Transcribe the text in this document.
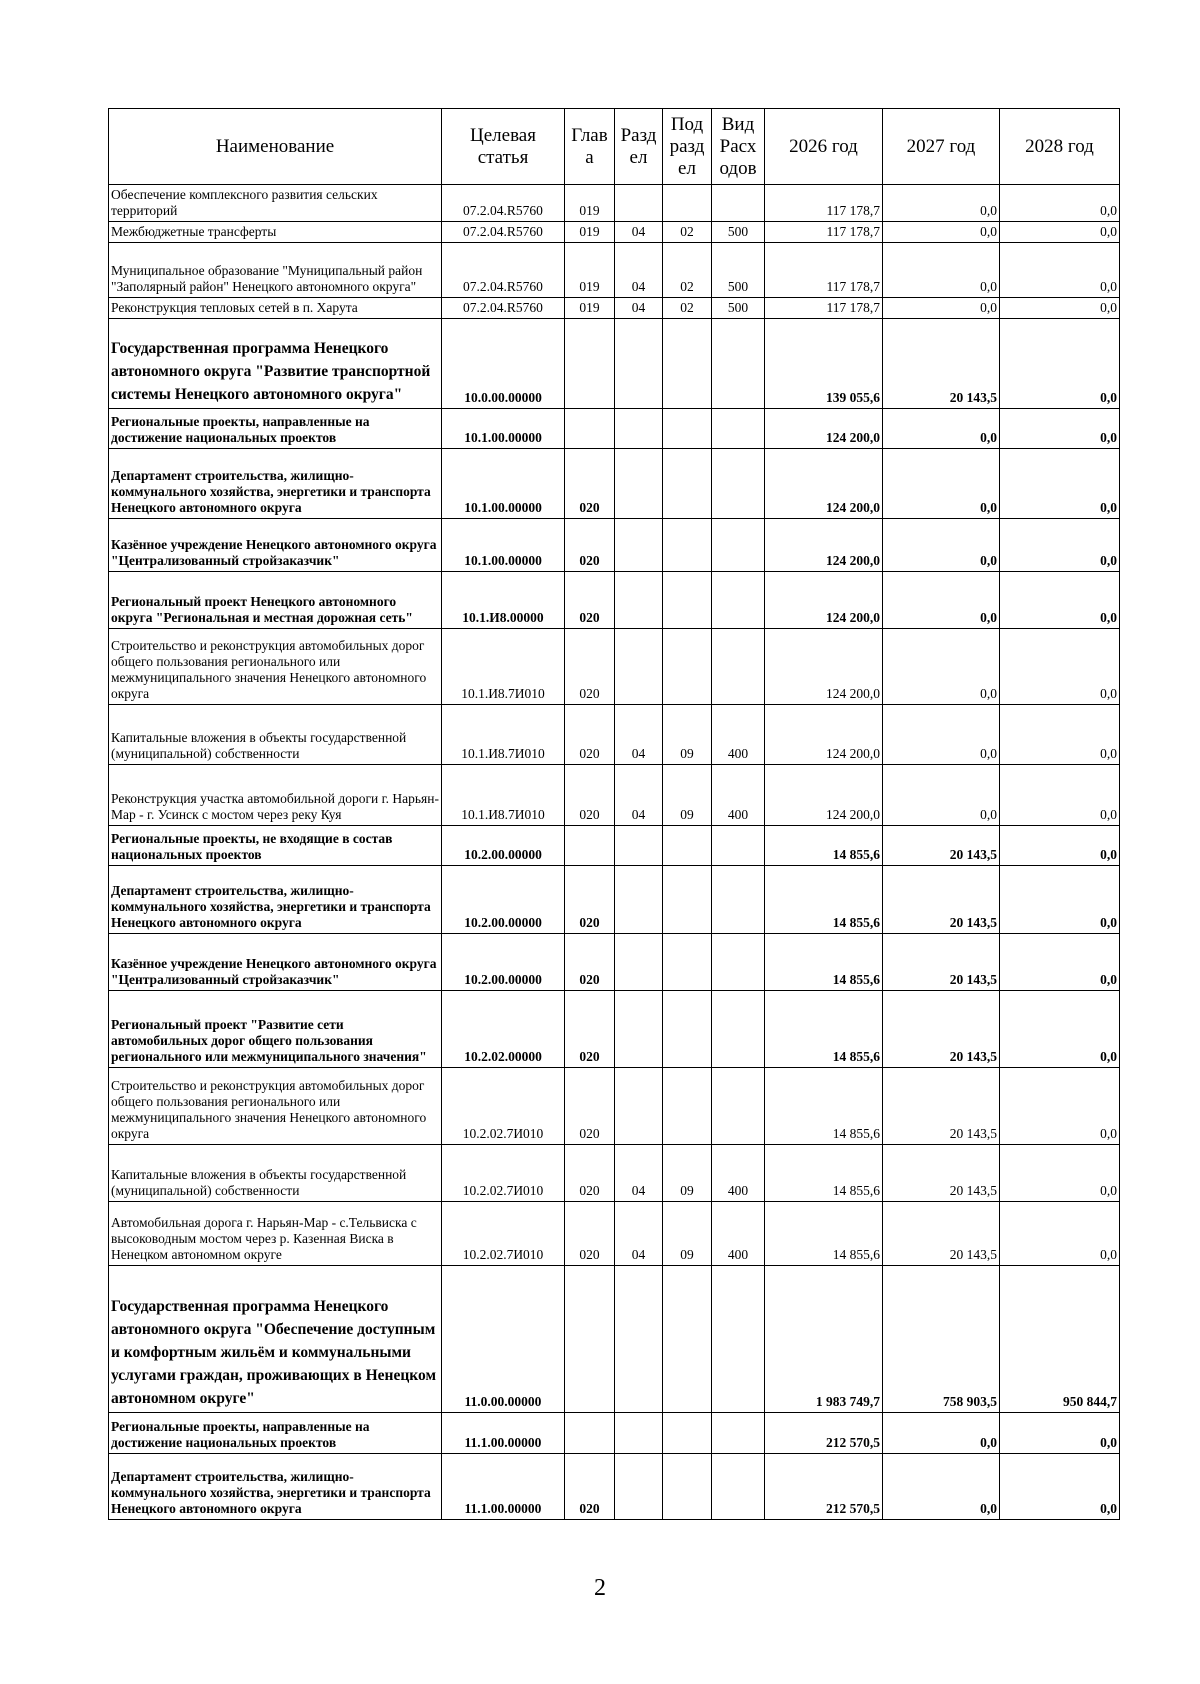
Наименование	Целевая статья	Глав а	Разд ел	Под разд ел	Вид Расх одов	2026 год	2027 год	2028 год
Обеспечение комплексного развития сельских территорий	07.2.04.R5760	019				117 178,7	0,0	0,0
Межбюджетные трансферты	07.2.04.R5760	019	04	02	500	117 178,7	0,0	0,0
Муниципальное образование "Муниципальный район "Заполярный район" Ненецкого автономного округа"	07.2.04.R5760	019	04	02	500	117 178,7	0,0	0,0
Реконструкция тепловых сетей в п. Харута	07.2.04.R5760	019	04	02	500	117 178,7	0,0	0,0
Государственная программа Ненецкого автономного округа "Развитие транспортной системы Ненецкого автономного округа"	10.0.00.00000					139 055,6	20 143,5	0,0
Региональные проекты, направленные на достижение национальных проектов	10.1.00.00000					124 200,0	0,0	0,0
Департамент строительства, жилищно-коммунального хозяйства, энергетики и транспорта Ненецкого автономного округа	10.1.00.00000	020				124 200,0	0,0	0,0
Казённое учреждение Ненецкого автономного округа "Централизованный стройзаказчик"	10.1.00.00000	020				124 200,0	0,0	0,0
Региональный проект Ненецкого автономного округа "Региональная и местная дорожная сеть"	10.1.И8.00000	020				124 200,0	0,0	0,0
Строительство и реконструкция автомобильных дорог общего пользования регионального или межмуниципального значения Ненецкого автономного округа	10.1.И8.7И010	020				124 200,0	0,0	0,0
Капитальные вложения в объекты государственной (муниципальной) собственности	10.1.И8.7И010	020	04	09	400	124 200,0	0,0	0,0
Реконструкция участка автомобильной дороги г. Нарьян-Мар - г. Усинск с мостом через реку Куя	10.1.И8.7И010	020	04	09	400	124 200,0	0,0	0,0
Региональные проекты, не входящие в состав национальных проектов	10.2.00.00000					14 855,6	20 143,5	0,0
Департамент строительства, жилищно-коммунального хозяйства, энергетики и транспорта Ненецкого автономного округа	10.2.00.00000	020				14 855,6	20 143,5	0,0
Казённое учреждение Ненецкого автономного округа "Централизованный стройзаказчик"	10.2.00.00000	020				14 855,6	20 143,5	0,0
Региональный проект "Развитие сети автомобильных дорог общего пользования регионального или межмуниципального значения"	10.2.02.00000	020				14 855,6	20 143,5	0,0
Строительство и реконструкция автомобильных дорог общего пользования регионального или межмуниципального значения Ненецкого автономного округа	10.2.02.7И010	020				14 855,6	20 143,5	0,0
Капитальные вложения в объекты государственной (муниципальной) собственности	10.2.02.7И010	020	04	09	400	14 855,6	20 143,5	0,0
Автомобильная дорога г. Нарьян-Мар - с.Тельвиска с высоководным мостом через р. Казенная Виска в Ненецком автономном округе	10.2.02.7И010	020	04	09	400	14 855,6	20 143,5	0,0
Государственная программа Ненецкого автономного округа "Обеспечение доступным и комфортным жильём и коммунальными услугами граждан, проживающих в Ненецком автономном округе"	11.0.00.00000					1 983 749,7	758 903,5	950 844,7
Региональные проекты, направленные на достижение национальных проектов	11.1.00.00000					212 570,5	0,0	0,0
Департамент строительства, жилищно-коммунального хозяйства, энергетики и транспорта Ненецкого автономного округа	11.1.00.00000	020				212 570,5	0,0	0,0
2
